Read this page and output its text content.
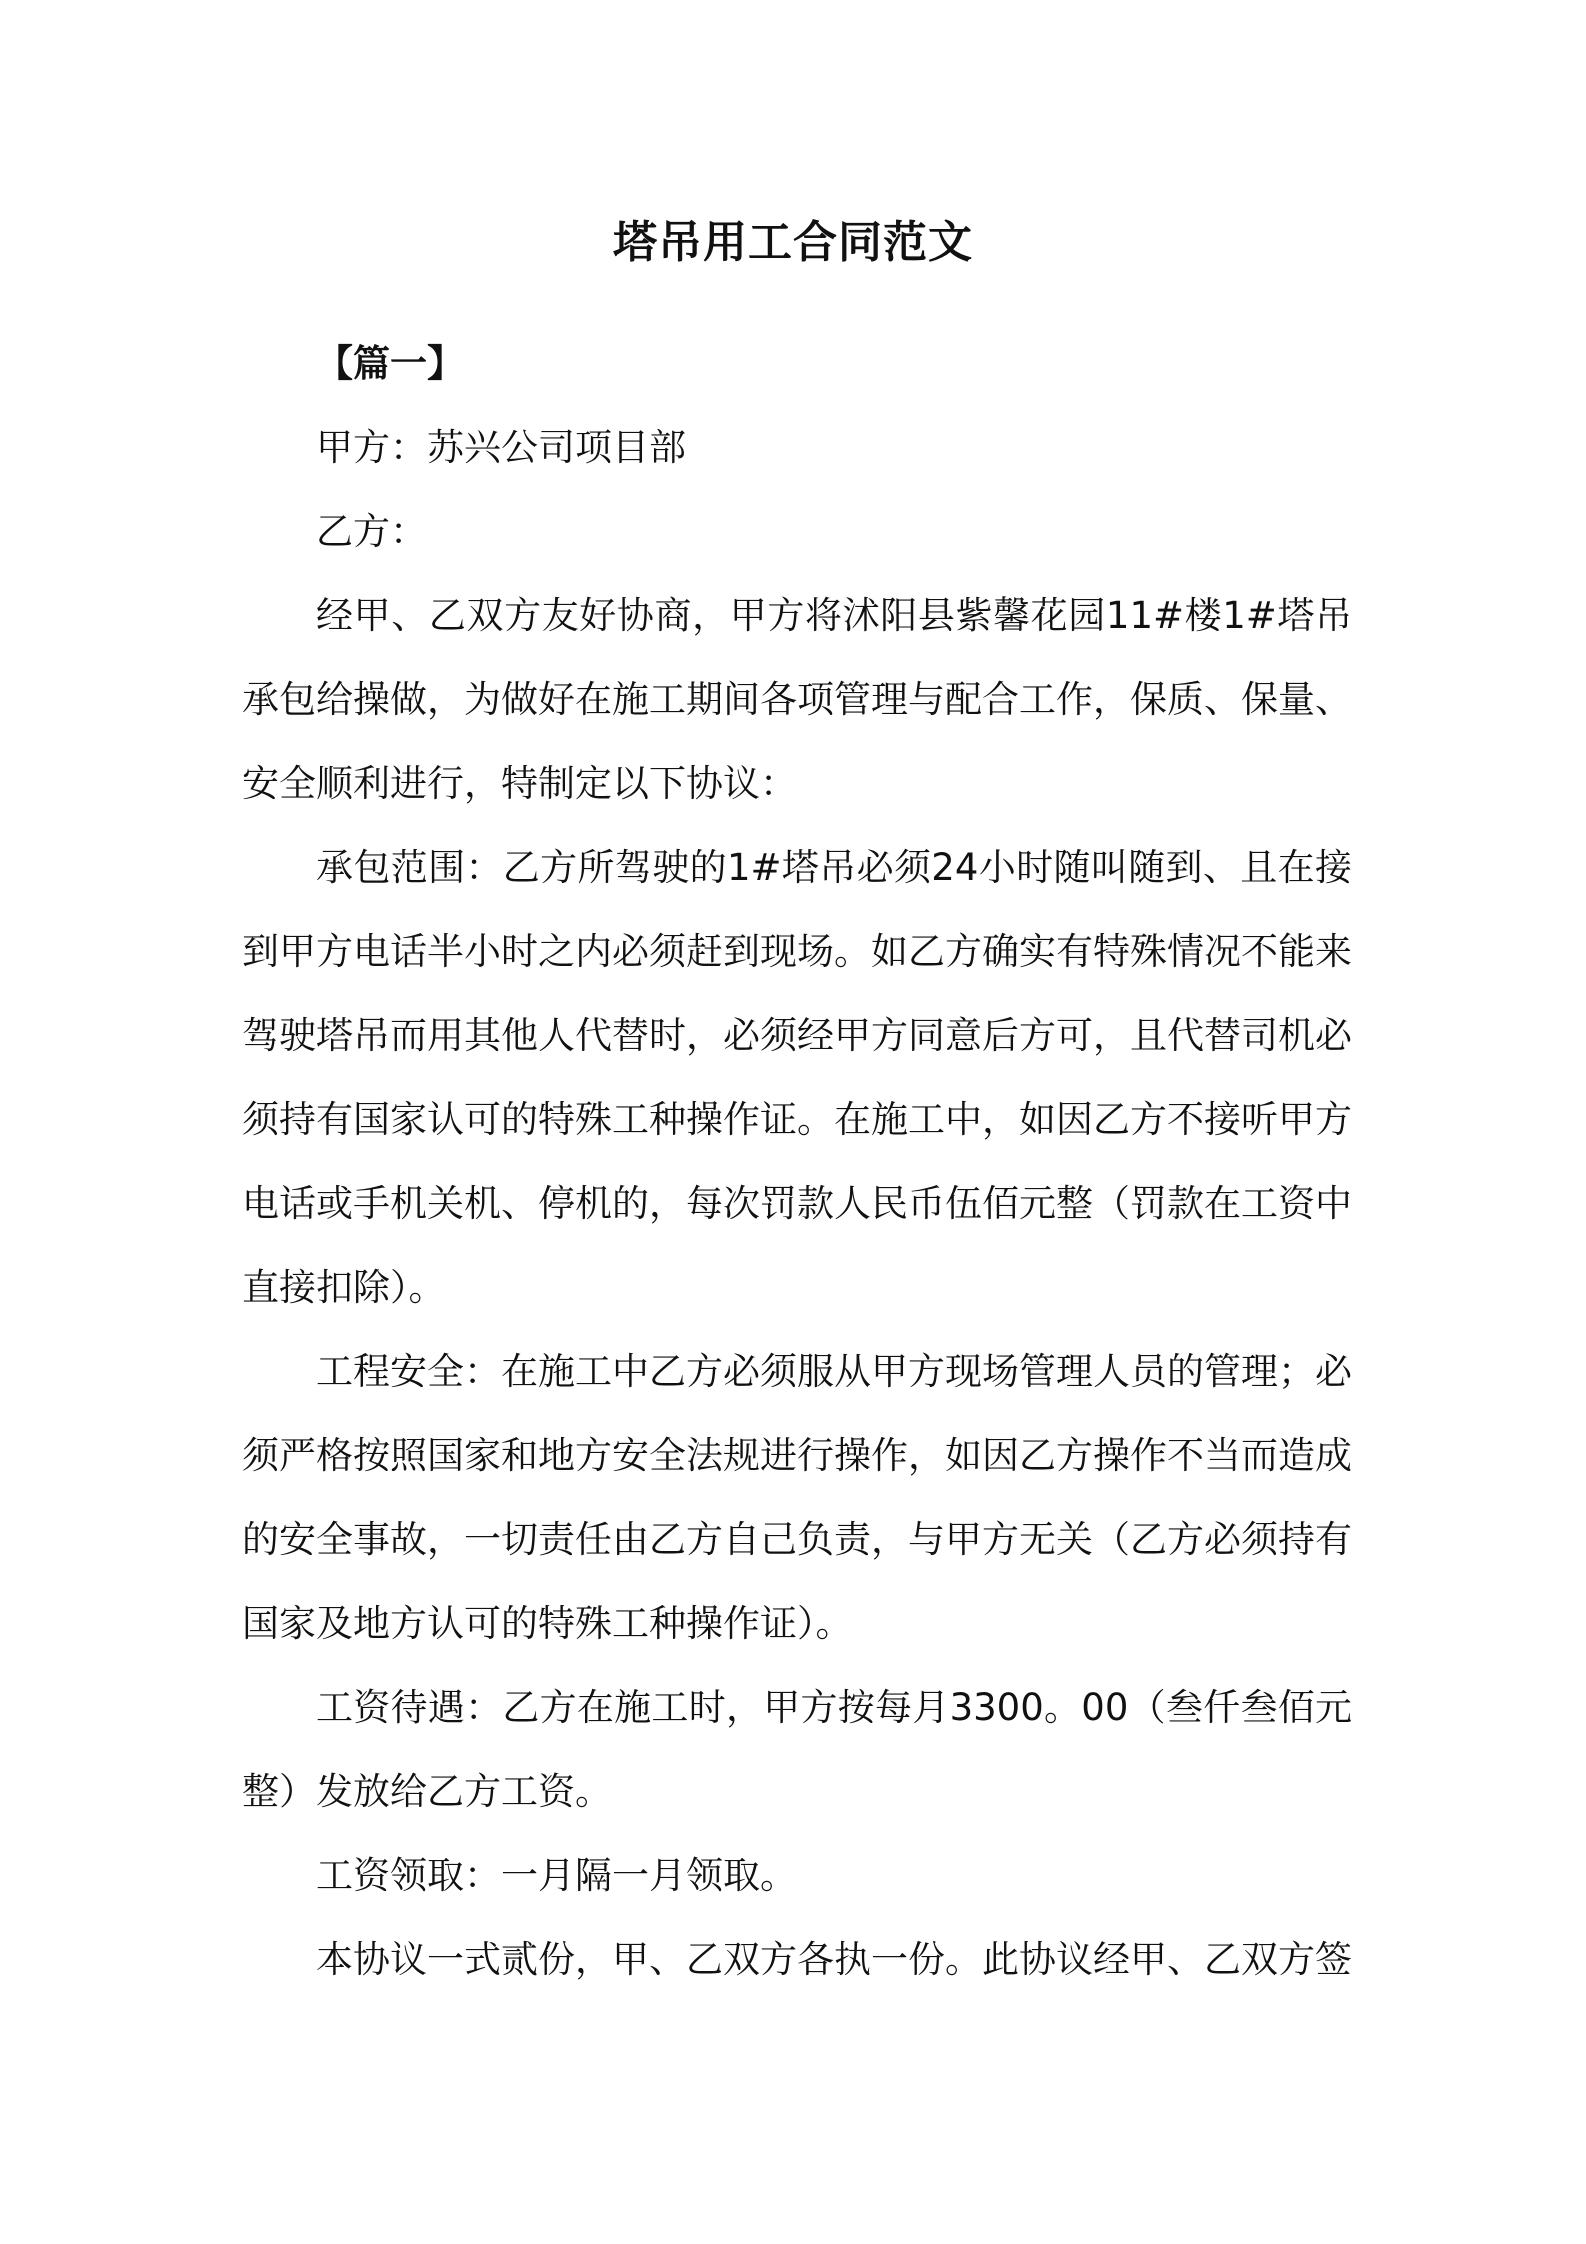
塔吊用工合同范文

【篇一】

甲方：苏兴公司项目部

乙方：

经甲、乙双方友好协商，甲方将沭阳县紫馨花园11#楼1#塔吊承包给操做，为做好在施工期间各项管理与配合工作，保质、保量、安全顺利进行，特制定以下协议：

承包范围：乙方所驾驶的1#塔吊必须24小时随叫随到、且在接到甲方电话半小时之内必须赶到现场。如乙方确实有特殊情况不能来驾驶塔吊而用其他人代替时，必须经甲方同意后方可，且代替司机必须持有国家认可的特殊工种操作证。在施工中，如因乙方不接听甲方电话或手机关机、停机的，每次罚款人民币伍佰元整（罚款在工资中直接扣除）。

工程安全：在施工中乙方必须服从甲方现场管理人员的管理；必须严格按照国家和地方安全法规进行操作，如因乙方操作不当而造成的安全事故，一切责任由乙方自己负责，与甲方无关（乙方必须持有国家及地方认可的特殊工种操作证）。

工资待遇：乙方在施工时，甲方按每月3300。00（叁仟叁佰元整）发放给乙方工资。

工资领取：一月隔一月领取。

本协议一式贰份，甲、乙双方各执一份。此协议经甲、乙双方签
